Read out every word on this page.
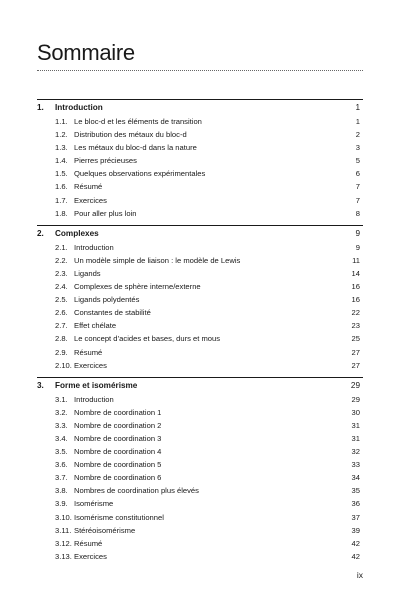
Sommaire
1. Introduction	1
1.1. Le bloc-d et les éléments de transition	1
1.2. Distribution des métaux du bloc-d	2
1.3. Les métaux du bloc-d dans la nature	3
1.4. Pierres précieuses	5
1.5. Quelques observations expérimentales	6
1.6. Résumé	7
1.7. Exercices	7
1.8. Pour aller plus loin	8
2. Complexes	9
2.1. Introduction	9
2.2. Un modèle simple de liaison : le modèle de Lewis	11
2.3. Ligands	14
2.4. Complexes de sphère interne/externe	16
2.5. Ligands polydentés	16
2.6. Constantes de stabilité	22
2.7. Effet chélate	23
2.8. Le concept d’acides et bases, durs et mous	25
2.9. Résumé	27
2.10. Exercices	27
3. Forme et isomérisme	29
3.1. Introduction	29
3.2. Nombre de coordination 1	30
3.3. Nombre de coordination 2	31
3.4. Nombre de coordination 3	31
3.5. Nombre de coordination 4	32
3.6. Nombre de coordination 5	33
3.7. Nombre de coordination 6	34
3.8. Nombres de coordination plus élevés	35
3.9. Isomérisme	36
3.10. Isomérisme constitutionnel	37
3.11. Stéréoisomérisme	39
3.12. Résumé	42
3.13. Exercices	42
ix
